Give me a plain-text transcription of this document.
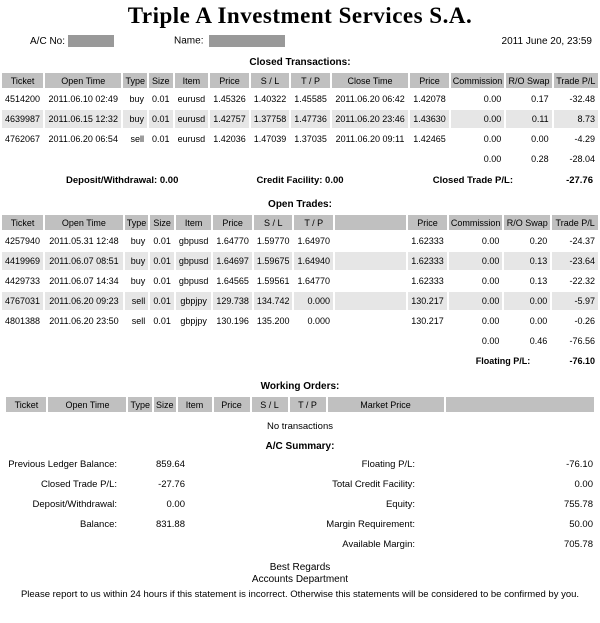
Triple A Investment Services S.A.
A/C No:	Name:	2011 June 20, 23:59
Closed Transactions:
Ticket	Open Time	Type	Size	Item	Price	S / L	T / P	Close Time	Price	Commission	R/O Swap	Trade P/L
4514200	2011.06.10 02:49	buy	0.01	eurusd	1.45326	1.40322	1.45585	2011.06.20 06:42	1.42078	0.00	0.17	-32.48
4639987	2011.06.15 12:32	buy	0.01	eurusd	1.42757	1.37758	1.47736	2011.06.20 23:46	1.43630	0.00	0.11	8.73
4762067	2011.06.20 06:54	sell	0.01	eurusd	1.42036	1.47039	1.37035	2011.06.20 09:11	1.42465	0.00	0.00	-4.29
										0.00	0.28	-28.04
Deposit/Withdrawal: 0.00	Credit Facility: 0.00	Closed Trade P/L:	-27.76
Open Trades:
Ticket	Open Time	Type	Size	Item	Price	S / L	T / P		Price	Commission	R/O Swap	Trade P/L
4257940	2011.05.31 12:48	buy	0.01	gbpusd	1.64770	1.59770	1.64970		1.62333	0.00	0.20	-24.37
4419969	2011.06.07 08:51	buy	0.01	gbpusd	1.64697	1.59675	1.64940		1.62333	0.00	0.13	-23.64
4429733	2011.06.07 14:34	buy	0.01	gbpusd	1.64565	1.59561	1.64770		1.62333	0.00	0.13	-22.32
4767031	2011.06.20 09:23	sell	0.01	gbpjpy	129.738	134.742	0.000		130.217	0.00	0.00	-5.97
4801388	2011.06.20 23:50	sell	0.01	gbpjpy	130.196	135.200	0.000		130.217	0.00	0.00	-0.26
										0.00	0.46	-76.56
Floating P/L:												-76.10
Working Orders:
Ticket	Open Time	Type	Size	Item	Price	S / L	T / P	Market Price	
No transactions
A/C Summary:
Previous Ledger Balance:	859.64	Floating P/L:	-76.10
Closed Trade P/L:	-27.76	Total Credit Facility:	0.00
Deposit/Withdrawal:	0.00	Equity:	755.78
Balance:	831.88	Margin Requirement:	50.00
Available Margin:	705.78
Best Regards
Accounts Department
Please report to us within 24 hours if this statement is incorrect. Otherwise this statements will be considered to be confirmed by you.
